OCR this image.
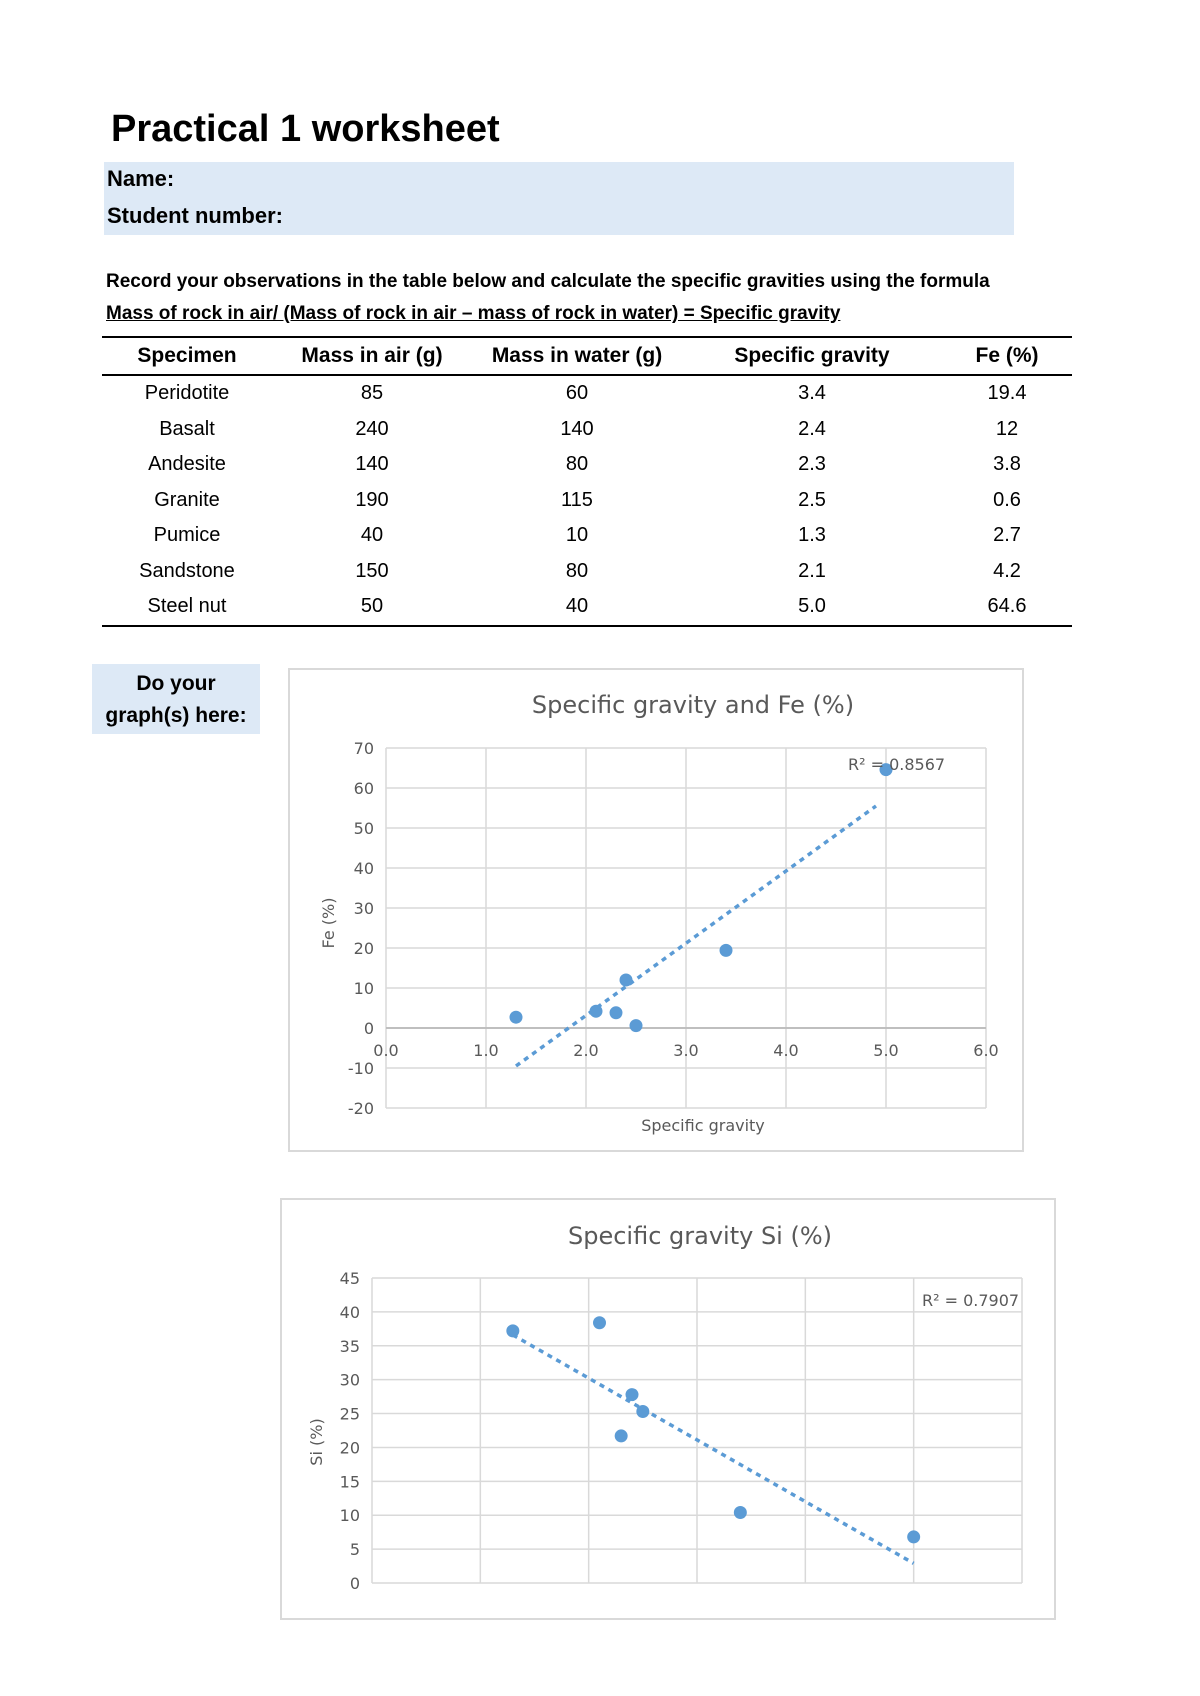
Practical 1 worksheet
Name:
Student number:
Record your observations in the table below and calculate the specific gravities using the formula
Mass of rock in air/ (Mass of rock in air – mass of rock in water) = Specific gravity
Specimen	Mass in air (g)	Mass in water (g)	Specific gravity	Fe (%)
Peridotite	85	60	3.4	19.4
Basalt	240	140	2.4	12
Andesite	140	80	2.3	3.8
Granite	190	115	2.5	0.6
Pumice	40	10	1.3	2.7
Sandstone	150	80	2.1	4.2
Steel nut	50	40	5.0	64.6
Do your
graph(s) here:
-20
-10
0
10
20
30
40
50
60
70
0.0	1.0	2.0	3.0	4.0	5.0	6.0
Specific gravity and Fe (%)
Specific gravity
Fe (%)
R² = 0.8567
0
5
10
15
20
25
30
35
40
45
Specific gravity Si (%)
Si (%)
R² = 0.7907
